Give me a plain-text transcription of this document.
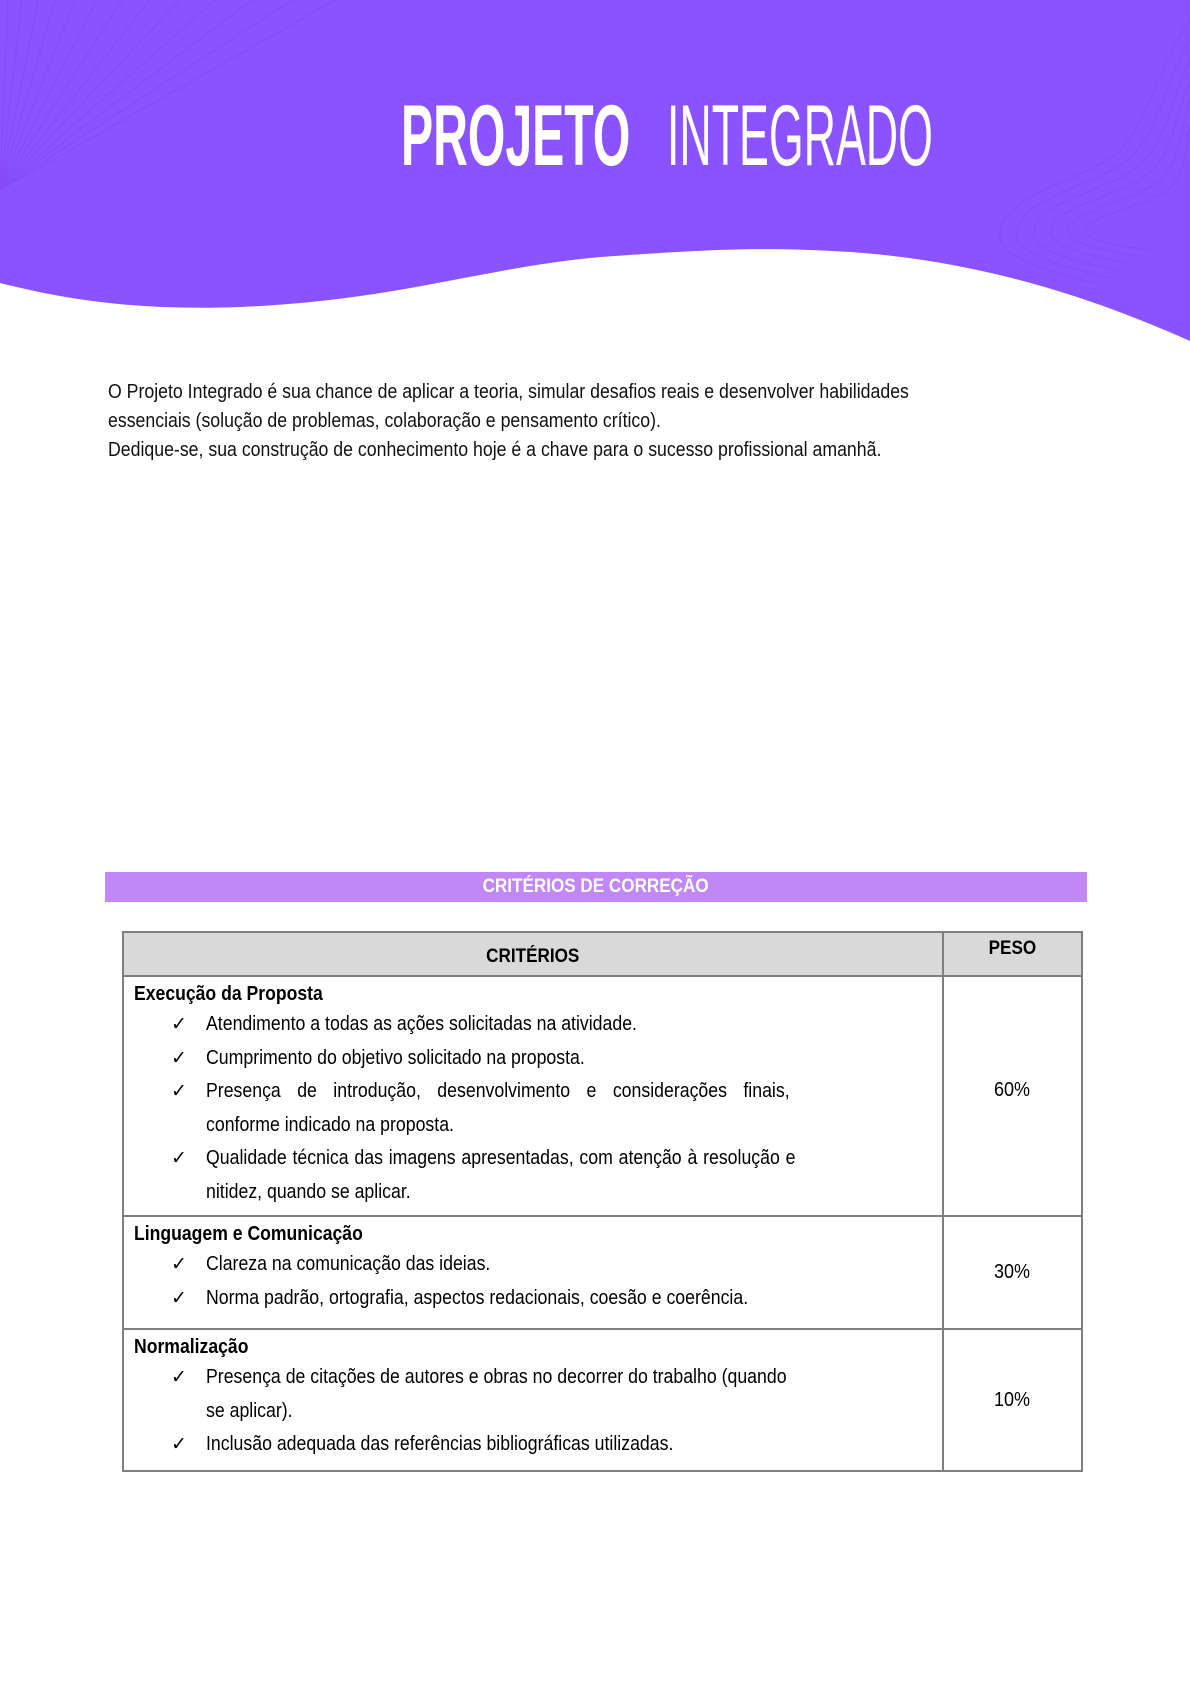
PROJETO INTEGRADO
O Projeto Integrado é sua chance de aplicar a teoria, simular desafios reais e desenvolver habilidades
essenciais (solução de problemas, colaboração e pensamento crítico).
Dedique-se, sua construção de conhecimento hoje é a chave para o sucesso profissional amanhã.
CRITÉRIOS DE CORREÇÃO
CRITÉRIOS	PESO

Execução da Proposta
✓ Atendimento a todas as ações solicitadas na atividade.
✓ Cumprimento do objetivo solicitado na proposta.
✓ Presença de introdução, desenvolvimento e considerações finais,
conforme indicado na proposta.
✓ Qualidade técnica das imagens apresentadas, com atenção à resolução e
nitidez, quando se aplicar.
	60%

Linguagem e Comunicação
✓ Clareza na comunicação das ideias.
✓ Norma padrão, ortografia, aspectos redacionais, coesão e coerência.	30%

Normalização
✓ Presença de citações de autores e obras no decorrer do trabalho (quando
se aplicar).
✓ Inclusão adequada das referências bibliográficas utilizadas.
	10%
